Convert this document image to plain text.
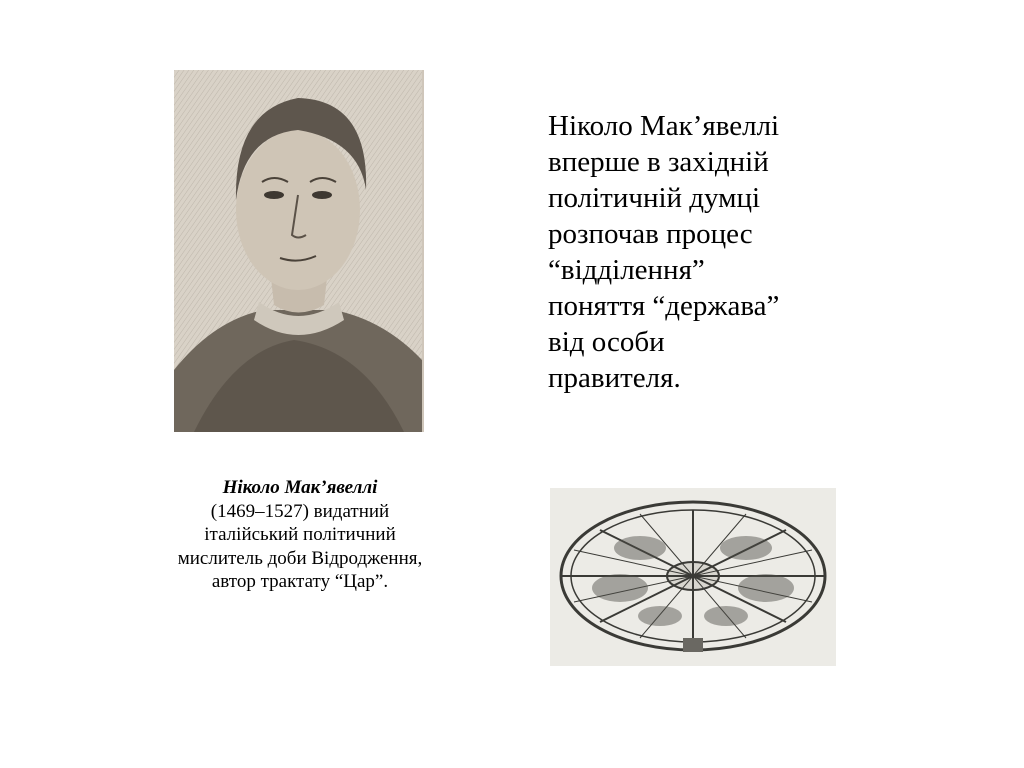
Ніколо Мак’явеллі
вперше в західній
політичній думці
розпочав процес
“відділення”
поняття “держава”
від особи
правителя.
Ніколо Мак’явеллі
(1469–1527) видатний
італійський політичний
мислитель доби Відродження,
автор трактату “Цар”.
